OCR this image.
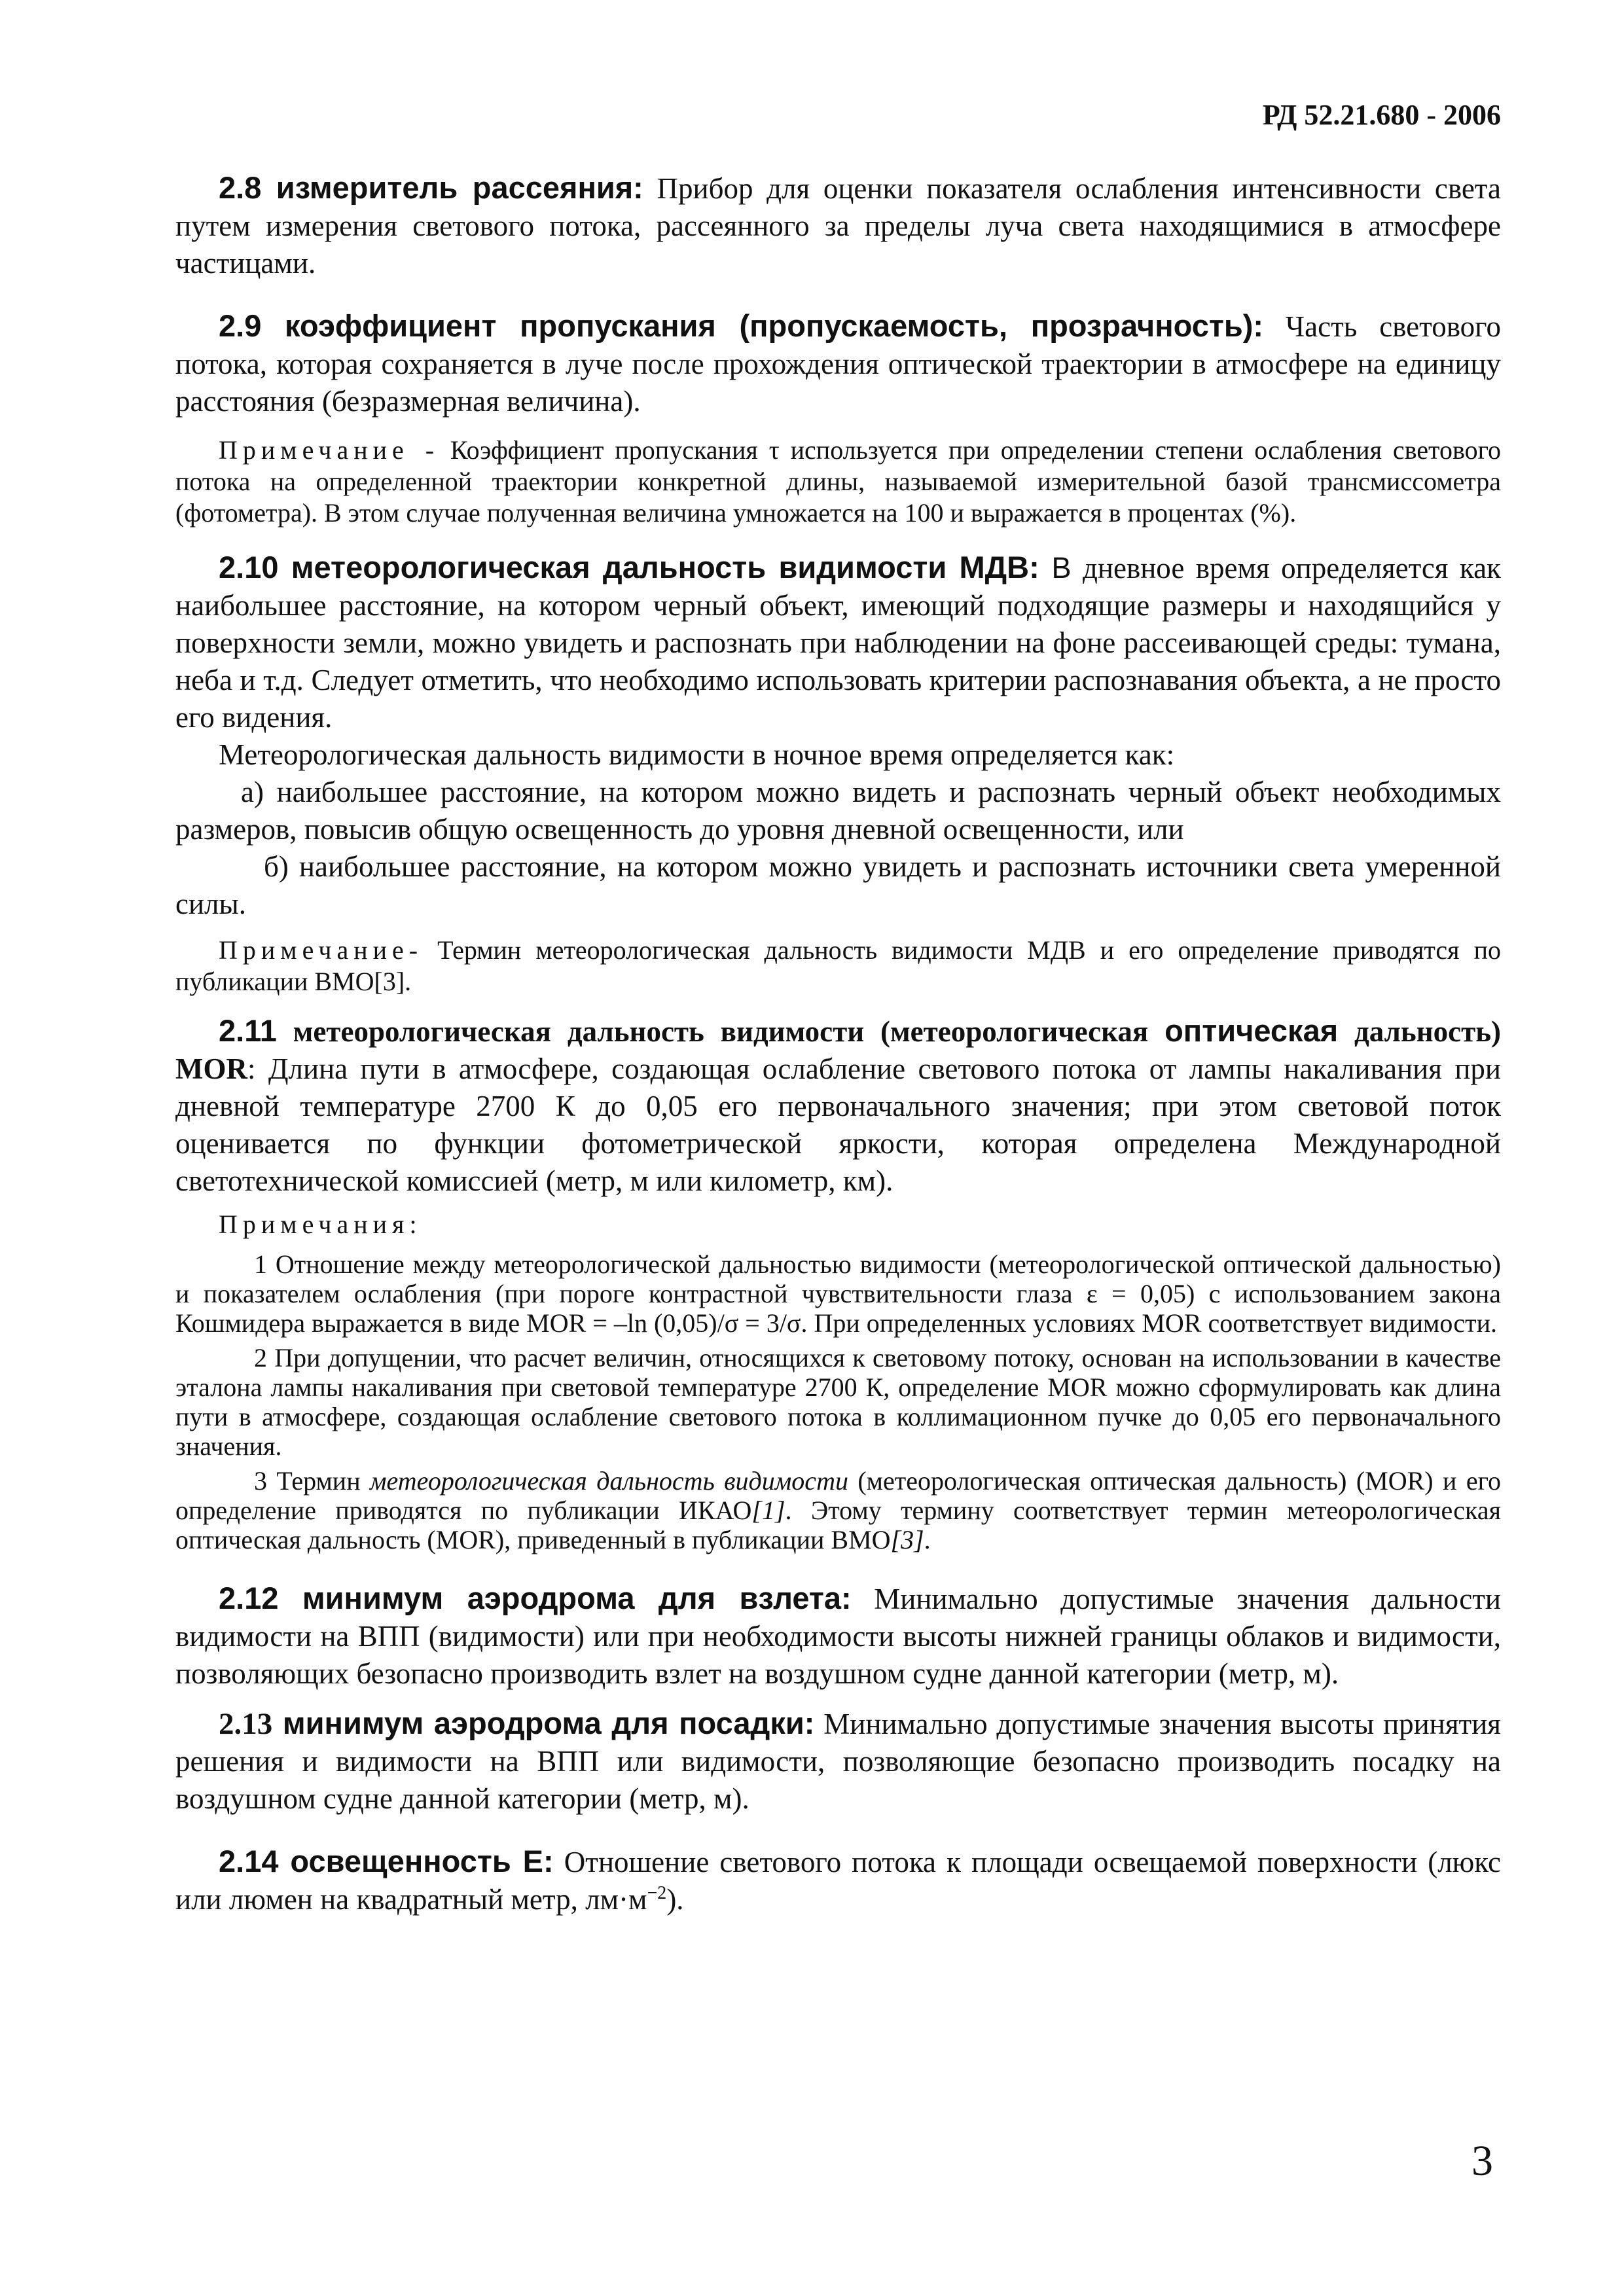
РД 52.21.680 - 2006

2.8 измеритель рассеяния: Прибор для оценки показателя ослабления интенсивности света путем измерения светового потока, рассеянного за пределы луча света находящимися в атмосфере частицами.

2.9 коэффициент пропускания (пропускаемость, прозрачность): Часть светового потока, которая сохраняется в луче после прохождения оптической траектории в атмосфере на единицу расстояния (безразмерная величина).

Примечание - Коэффициент пропускания τ используется при определении степени ослабления светового потока на определенной траектории конкретной длины, называемой измерительной базой трансмиссометра (фотометра). В этом случае полученная величина умножается на 100 и выражается в процентах (%).

2.10 метеорологическая дальность видимости МДВ: В дневное время определяется как наибольшее расстояние, на котором черный объект, имеющий подходящие размеры и находящийся у поверхности земли, можно увидеть и распознать при наблюдении на фоне рассеивающей среды: тумана, неба и т.д. Следует отметить, что необходимо использовать критерии распознавания объекта, а не просто его видения.

Метеорологическая дальность видимости в ночное время определяется как:

а) наибольшее расстояние, на котором можно видеть и распознать черный объект необходимых размеров, повысив общую освещенность до уровня дневной освещенности, или

б) наибольшее расстояние, на котором можно увидеть и распознать источники света умеренной силы.

Примечание- Термин метеорологическая дальность видимости МДВ и его определение приводятся по публикации ВМО[3].

2.11 метеорологическая дальность видимости (метеорологическая оптическая дальность) MOR: Длина пути в атмосфере, создающая ослабление светового потока от лампы накаливания при дневной температуре 2700 К до 0,05 его первоначального значения; при этом световой поток оценивается по функции фотометрической яркости, которая определена Международной светотехнической комиссией (метр, м или километр, км).

Примечания:

1 Отношение между метеорологической дальностью видимости (метеорологической оптической дальностью) и показателем ослабления (при пороге контрастной чувствительности глаза ε = 0,05) с использованием закона Кошмидера выражается в виде MOR = –ln (0,05)/σ = 3/σ. При определенных условиях MOR соответствует видимости.

2 При допущении, что расчет величин, относящихся к световому потоку, основан на использовании в качестве эталона лампы накаливания при световой температуре 2700 К, определение MOR можно сформулировать как длина пути в атмосфере, создающая ослабление светового потока в коллимационном пучке до 0,05 его первоначального значения.

3 Термин метеорологическая дальность видимости (метеорологическая оптическая дальность) (MOR) и его определение приводятся по публикации ИКАО[1]. Этому термину соответствует термин метеорологическая оптическая дальность (MOR), приведенный в публикации ВМО[3].

2.12 минимум аэродрома для взлета: Минимально допустимые значения дальности видимости на ВПП (видимости) или при необходимости высоты нижней границы облаков и видимости, позволяющих безопасно производить взлет на воздушном судне данной категории (метр, м).

2.13 минимум аэродрома для посадки: Минимально допустимые значения высоты принятия решения и видимости на ВПП или видимости, позволяющие безопасно производить посадку на воздушном судне данной категории (метр, м).

2.14 освещенность Е: Отношение светового потока к площади освещаемой поверхности (люкс или люмен на квадратный метр, $лм\cdot м^{-2}$).

3
